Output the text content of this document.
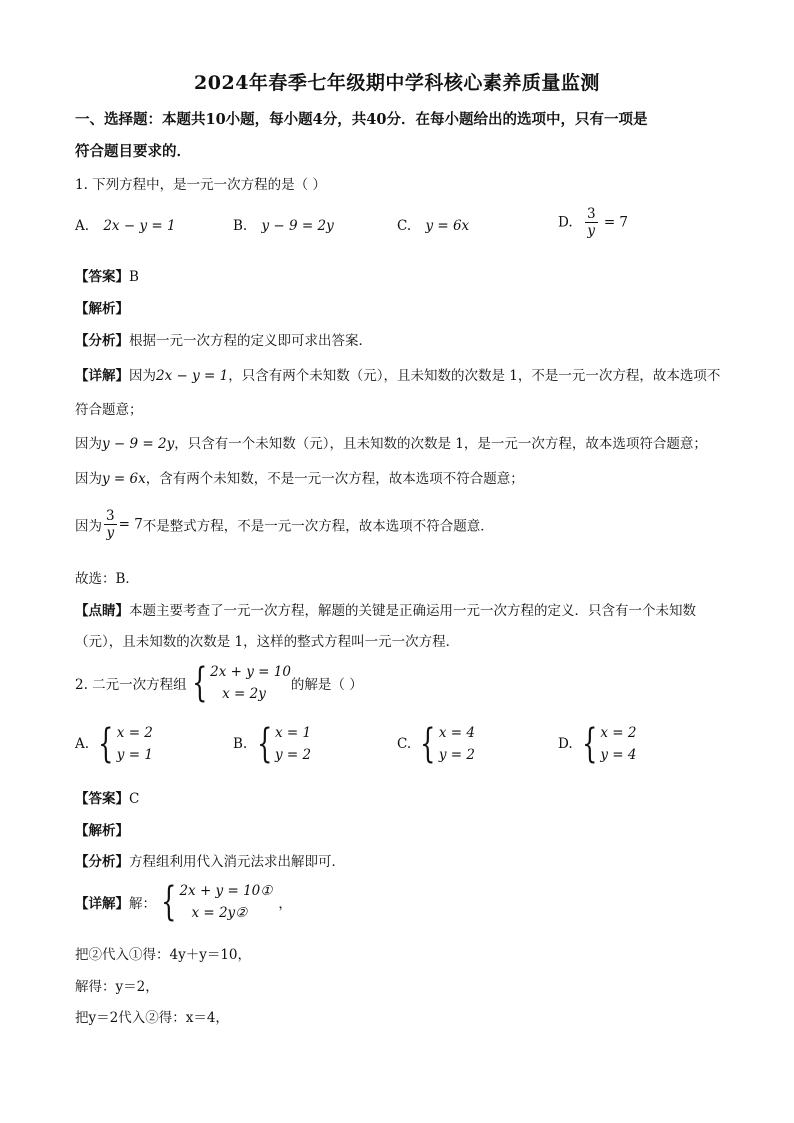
2024年春季七年级期中学科核心素养质量监测
一、选择题：本题共10小题，每小题4分，共40分．在每小题给出的选项中，只有一项是
符合题目要求的．
1. 下列方程中，是一元一次方程的是（ ）
A. 2x − y = 1	B. y − 9 = 2y	C. y = 6x	D. $\frac{3}{y} = 7$
【答案】B
【解析】
【分析】根据一元一次方程的定义即可求出答案．
【详解】因为2x − y = 1，只含有两个未知数（元），且未知数的次数是 1，不是一元一次方程，故本选项不
符合题意；
因为y − 9 = 2y，只含有一个未知数（元），且未知数的次数是 1，是一元一次方程，故本选项符合题意；
因为y = 6x，含有两个未知数，不是一元一次方程，故本选项不符合题意；
因为 $\frac{3}{y} = 7$不是整式方程，不是一元一次方程，故本选项不符合题意．
故选：B．
【点睛】本题主要考查了一元一次方程，解题的关键是正确运用一元一次方程的定义．只含有一个未知数
（元），且未知数的次数是 1，这样的整式方程叫一元一次方程．
2. 二元一次方程组 { 2x + y = 10
x = 2y
的解是（ ）
A. { x = 2
y = 1
B. { x = 1
y = 2
C. { x = 4
y = 2
D. { x = 2
y = 4
【答案】C
【解析】
【分析】方程组利用代入消元法求出解即可．
【详解】解： { 2x + y = 10①
x = 2y②
，
把②代入①得：4y＋y＝10，
解得：y＝2，
把y＝2代入②得：x＝4，
